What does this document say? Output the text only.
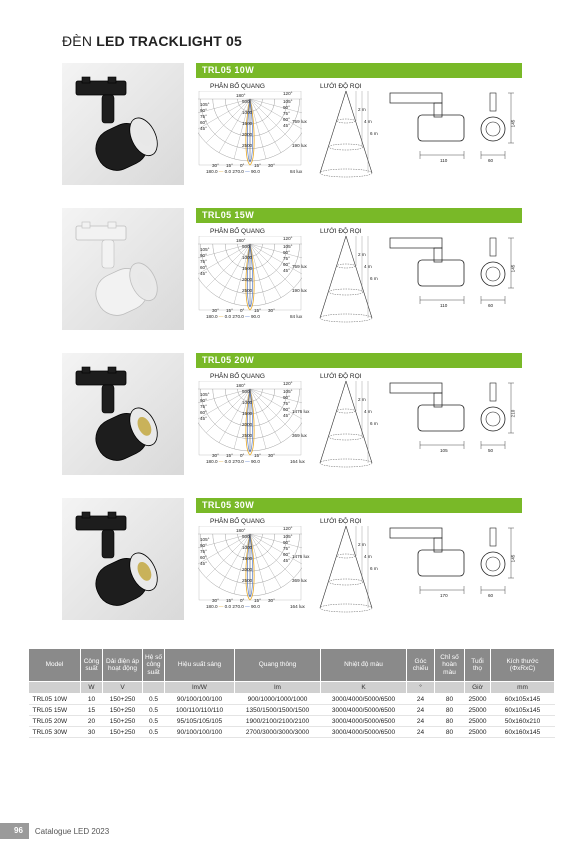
ĐÈN LED TRACKLIGHT 05
TRL05 10W
PHÂN BỐ QUANG	LƯỚI ĐỘ RỌI
180°
105°
90°
75°
60°
45°
120°
105°
90°
75°
60°
45°
500
1000
1500
2000
2500
30° 15° 0° 15° 30°
180.0 — 0.0 270.0 — 90.0
759 lux
190 lux
84 lux
2 m
4 m
6 m
110	60
145
TRL05 15W
PHÂN BỐ QUANG	LƯỚI ĐỘ RỌI
180°
105°
90°
75°
60°
45°
120°
105°
90°
75°
60°
45°
500
1000
1500
2000
2500
30° 15° 0° 15° 30°
180.0 — 0.0 270.0 — 90.0
759 lux
190 lux
84 lux
2 m
4 m
6 m
110	60
145
TRL05 20W
PHÂN BỐ QUANG	LƯỚI ĐỘ RỌI
180°
105°
90°
75°
60°
45°
120°
105°
90°
75°
60°
45°
500
1000
1500
2000
2500
30° 15° 0° 15° 30°
180.0 — 0.0 270.0 — 90.0
1476 lux
369 lux
164 lux
2 m
4 m
6 m
105	50
210
TRL05 30W
PHÂN BỐ QUANG	LƯỚI ĐỘ RỌI
180°
105°
90°
75°
60°
45°
120°
105°
90°
75°
60°
45°
500
1000
1500
2000
2500
30° 15° 0° 15° 30°
180.0 — 0.0 270.0 — 90.0
1476 lux
369 lux
164 lux
2 m
4 m
6 m
170	60
145
Model	Công suất	Dải điện áp hoạt động	Hệ số công suất	Hiệu suất sáng	Quang thông	Nhiệt độ màu	Góc chiếu	Chỉ số hoàn màu	Tuổi thọ	Kích thước (ΦxRxC)
	W	V		lm/W	lm	K	°		Giờ	mm
TRL05 10W	10	150+250	0.5	90/100/100/100	900/1000/1000/1000	3000/4000/5000/6500	24	80	25000	60x105x145
TRL05 15W	15	150+250	0.5	100/110/110/110	1350/1500/1500/1500	3000/4000/5000/6500	24	80	25000	60x105x145
TRL05 20W	20	150+250	0.5	95/105/105/105	1900/2100/2100/2100	3000/4000/5000/6500	24	80	25000	50x160x210
TRL05 30W	30	150+250	0.5	90/100/100/100	2700/3000/3000/3000	3000/4000/5000/6500	24	80	25000	60x160x145
96	Catalogue LED 2023
